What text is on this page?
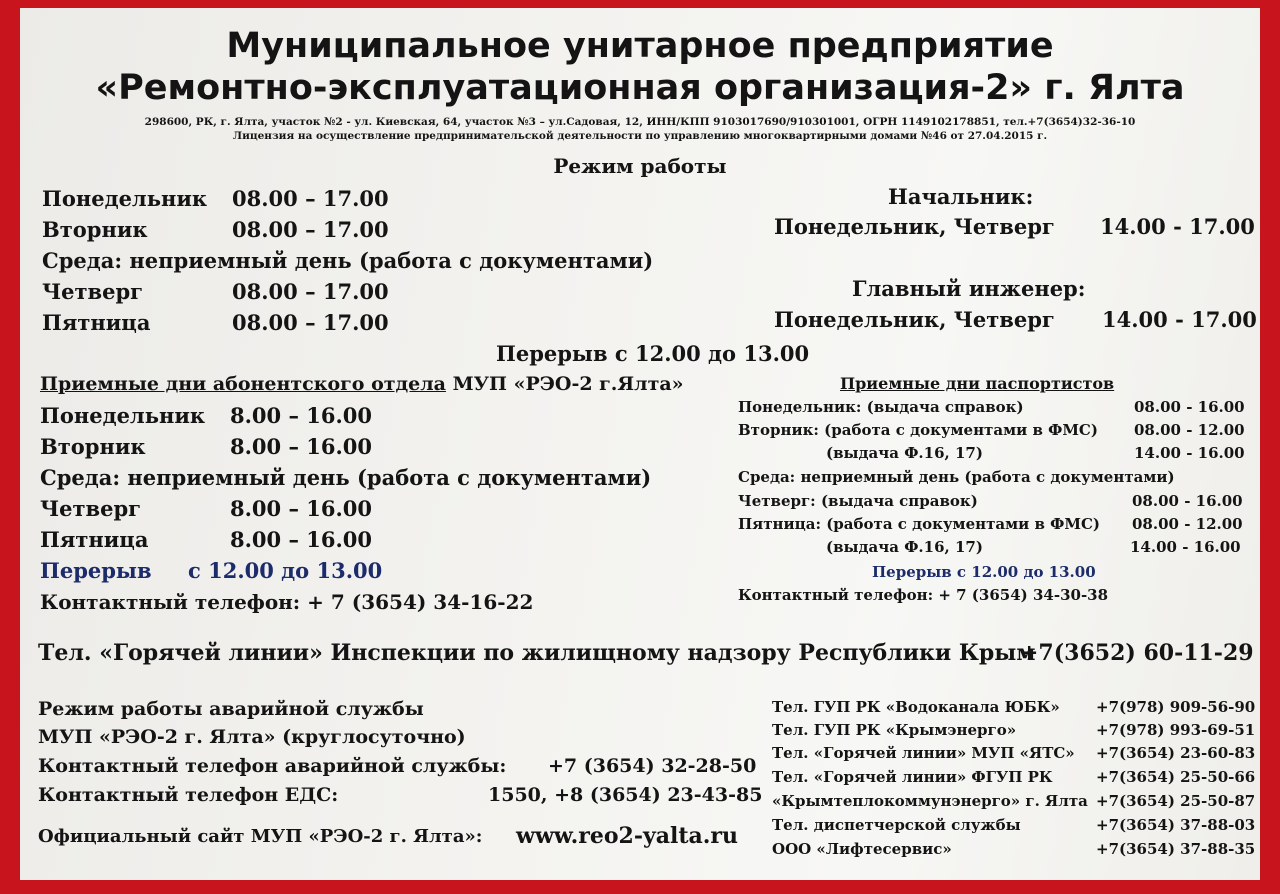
Муниципальное унитарное предприятие
«Ремонтно-эксплуатационная организация-2» г. Ялта
298600, РК, г. Ялта, участок №2 - ул. Киевская, 64, участок №3 – ул.Садовая, 12, ИНН/КПП 9103017690/910301001, ОГРН 1149102178851, тел.+7(3654)32-36-10
Лицензия на осуществление предпринимательской деятельности по управлению многоквартирными домами №46 от 27.04.2015 г.
Режим работы
Понедельник 08.00 – 17.00
Вторник	08.00 – 17.00
Среда: неприемный день (работа с документами)
Четверг	08.00 – 17.00
Пятница	08.00 – 17.00
Перерыв с 12.00 до 13.00
Начальник:
Понедельник, Четверг 14.00 - 17.00
Главный инженер:
Понедельник, Четверг 14.00 - 17.00
Приемные дни абонентского отдела МУП «РЭО-2 г.Ялта»
Понедельник 8.00 – 16.00
Вторник	8.00 – 16.00
Среда: неприемный день (работа с документами)
Четверг	8.00 – 16.00
Пятница	8.00 – 16.00
Перерыв с 12.00 до 13.00
Контактный телефон: + 7 (3654) 34-16-22
Приемные дни паспортистов
Понедельник: (выдача справок)	08.00 - 16.00
Вторник: (работа с документами в ФМС) 08.00 - 12.00
(выдача Ф.16, 17)	14.00 - 16.00
Среда: неприемный день (работа с документами)
Четверг: (выдача справок)	08.00 - 16.00
Пятница: (работа с документами в ФМС) 08.00 - 12.00
(выдача Ф.16, 17)	14.00 - 16.00
Перерыв с 12.00 до 13.00
Контактный телефон: + 7 (3654) 34-30-38
Тел. «Горячей линии» Инспекции по жилищному надзору Республики Крым
+7(3652) 60-11-29
Режим работы аварийной службы
МУП «РЭО-2 г. Ялта» (круглосуточно)
Контактный телефон аварийной службы: +7 (3654) 32-28-50
Контактный телефон ЕДС:	1550, +8 (3654) 23-43-85
Официальный сайт МУП «РЭО-2 г. Ялта»: www.reo2-yalta.ru
Тел. ГУП РК «Водоканала ЮБК» +7(978) 909-56-90
Тел. ГУП РК «Крымэнерго»	+7(978) 993-69-51
Тел. «Горячей линии» МУП «ЯТС» +7(3654) 23-60-83
Тел. «Горячей линии» ФГУП РК	+7(3654) 25-50-66
«Крымтеплокоммунэнерго» г. Ялта +7(3654) 25-50-87
Тел. диспетчерской службы	+7(3654) 37-88-03
ООО «Лифтесервис»	+7(3654) 37-88-35
